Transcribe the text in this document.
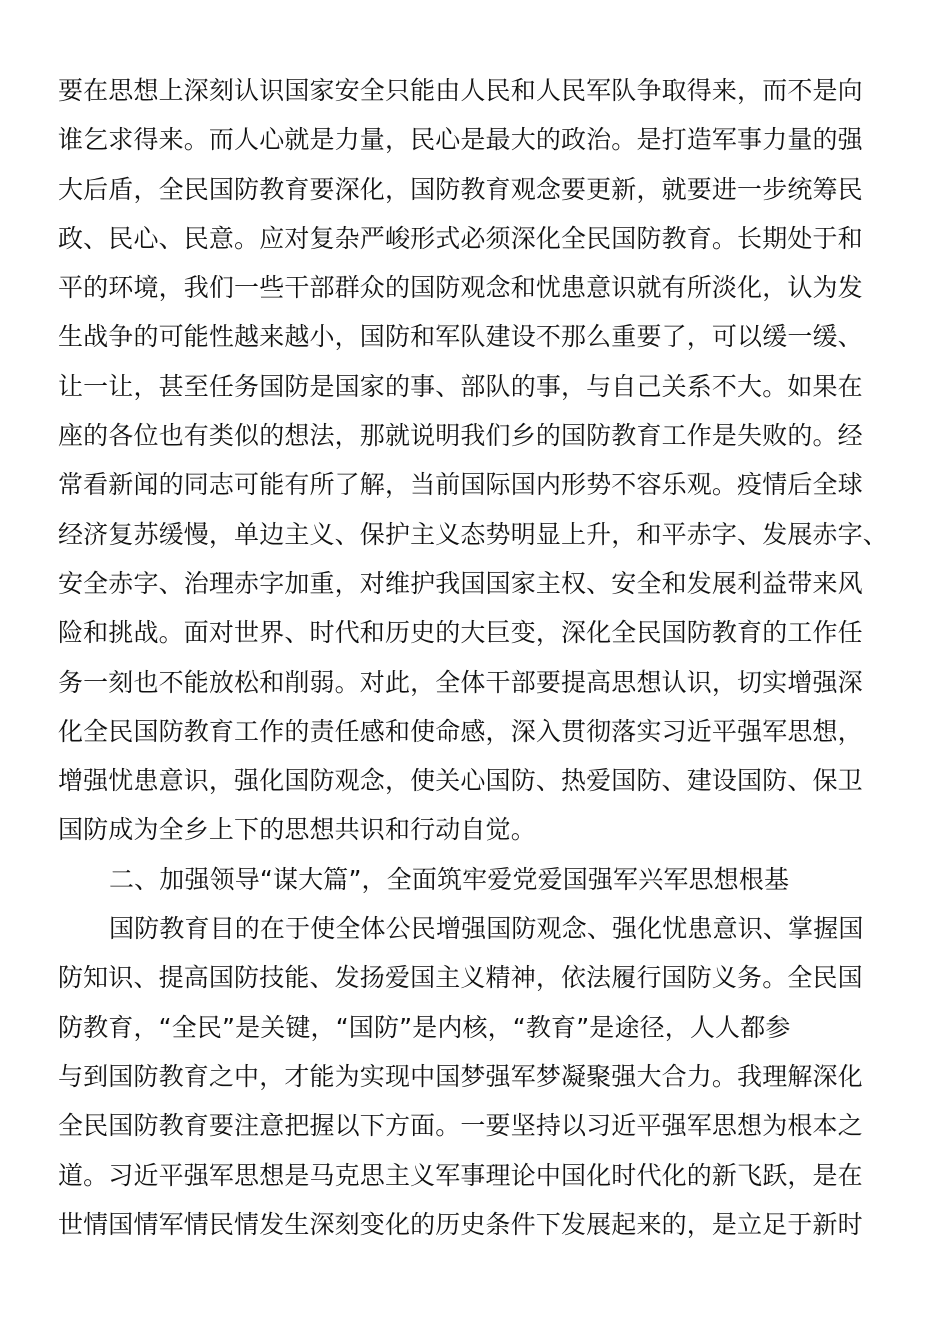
要在思想上深刻认识国家安全只能由人民和人民军队争取得来，而不是向
谁乞求得来。而人心就是力量，民心是最大的政治。是打造军事力量的强
大后盾，全民国防教育要深化，国防教育观念要更新，就要进一步统筹民
政、民心、民意。应对复杂严峻形式必须深化全民国防教育。长期处于和
平的环境，我们一些干部群众的国防观念和忧患意识就有所淡化，认为发
生战争的可能性越来越小，国防和军队建设不那么重要了，可以缓一缓、
让一让，甚至任务国防是国家的事、部队的事，与自己关系不大。如果在
座的各位也有类似的想法，那就说明我们乡的国防教育工作是失败的。经
常看新闻的同志可能有所了解，当前国际国内形势不容乐观。疫情后全球
经济复苏缓慢，单边主义、保护主义态势明显上升，和平赤字、发展赤字、
安全赤字、治理赤字加重，对维护我国国家主权、安全和发展利益带来风
险和挑战。面对世界、时代和历史的大巨变，深化全民国防教育的工作任
务一刻也不能放松和削弱。对此，全体干部要提高思想认识，切实增强深
化全民国防教育工作的责任感和使命感，深入贯彻落实习近平强军思想，
增强忧患意识，强化国防观念，使关心国防、热爱国防、建设国防、保卫
国防成为全乡上下的思想共识和行动自觉。
二、加强领导“谋大篇”，全面筑牢爱党爱国强军兴军思想根基
国防教育目的在于使全体公民增强国防观念、强化忧患意识、掌握国
防知识、提高国防技能、发扬爱国主义精神，依法履行国防义务。全民国
防教育，“全民”是关键，“国防”是内核，“教育”是途径，人人都参
与到国防教育之中，才能为实现中国梦强军梦凝聚强大合力。我理解深化
全民国防教育要注意把握以下方面。一要坚持以习近平强军思想为根本之
道。习近平强军思想是马克思主义军事理论中国化时代化的新飞跃，是在
世情国情军情民情发生深刻变化的历史条件下发展起来的，是立足于新时
